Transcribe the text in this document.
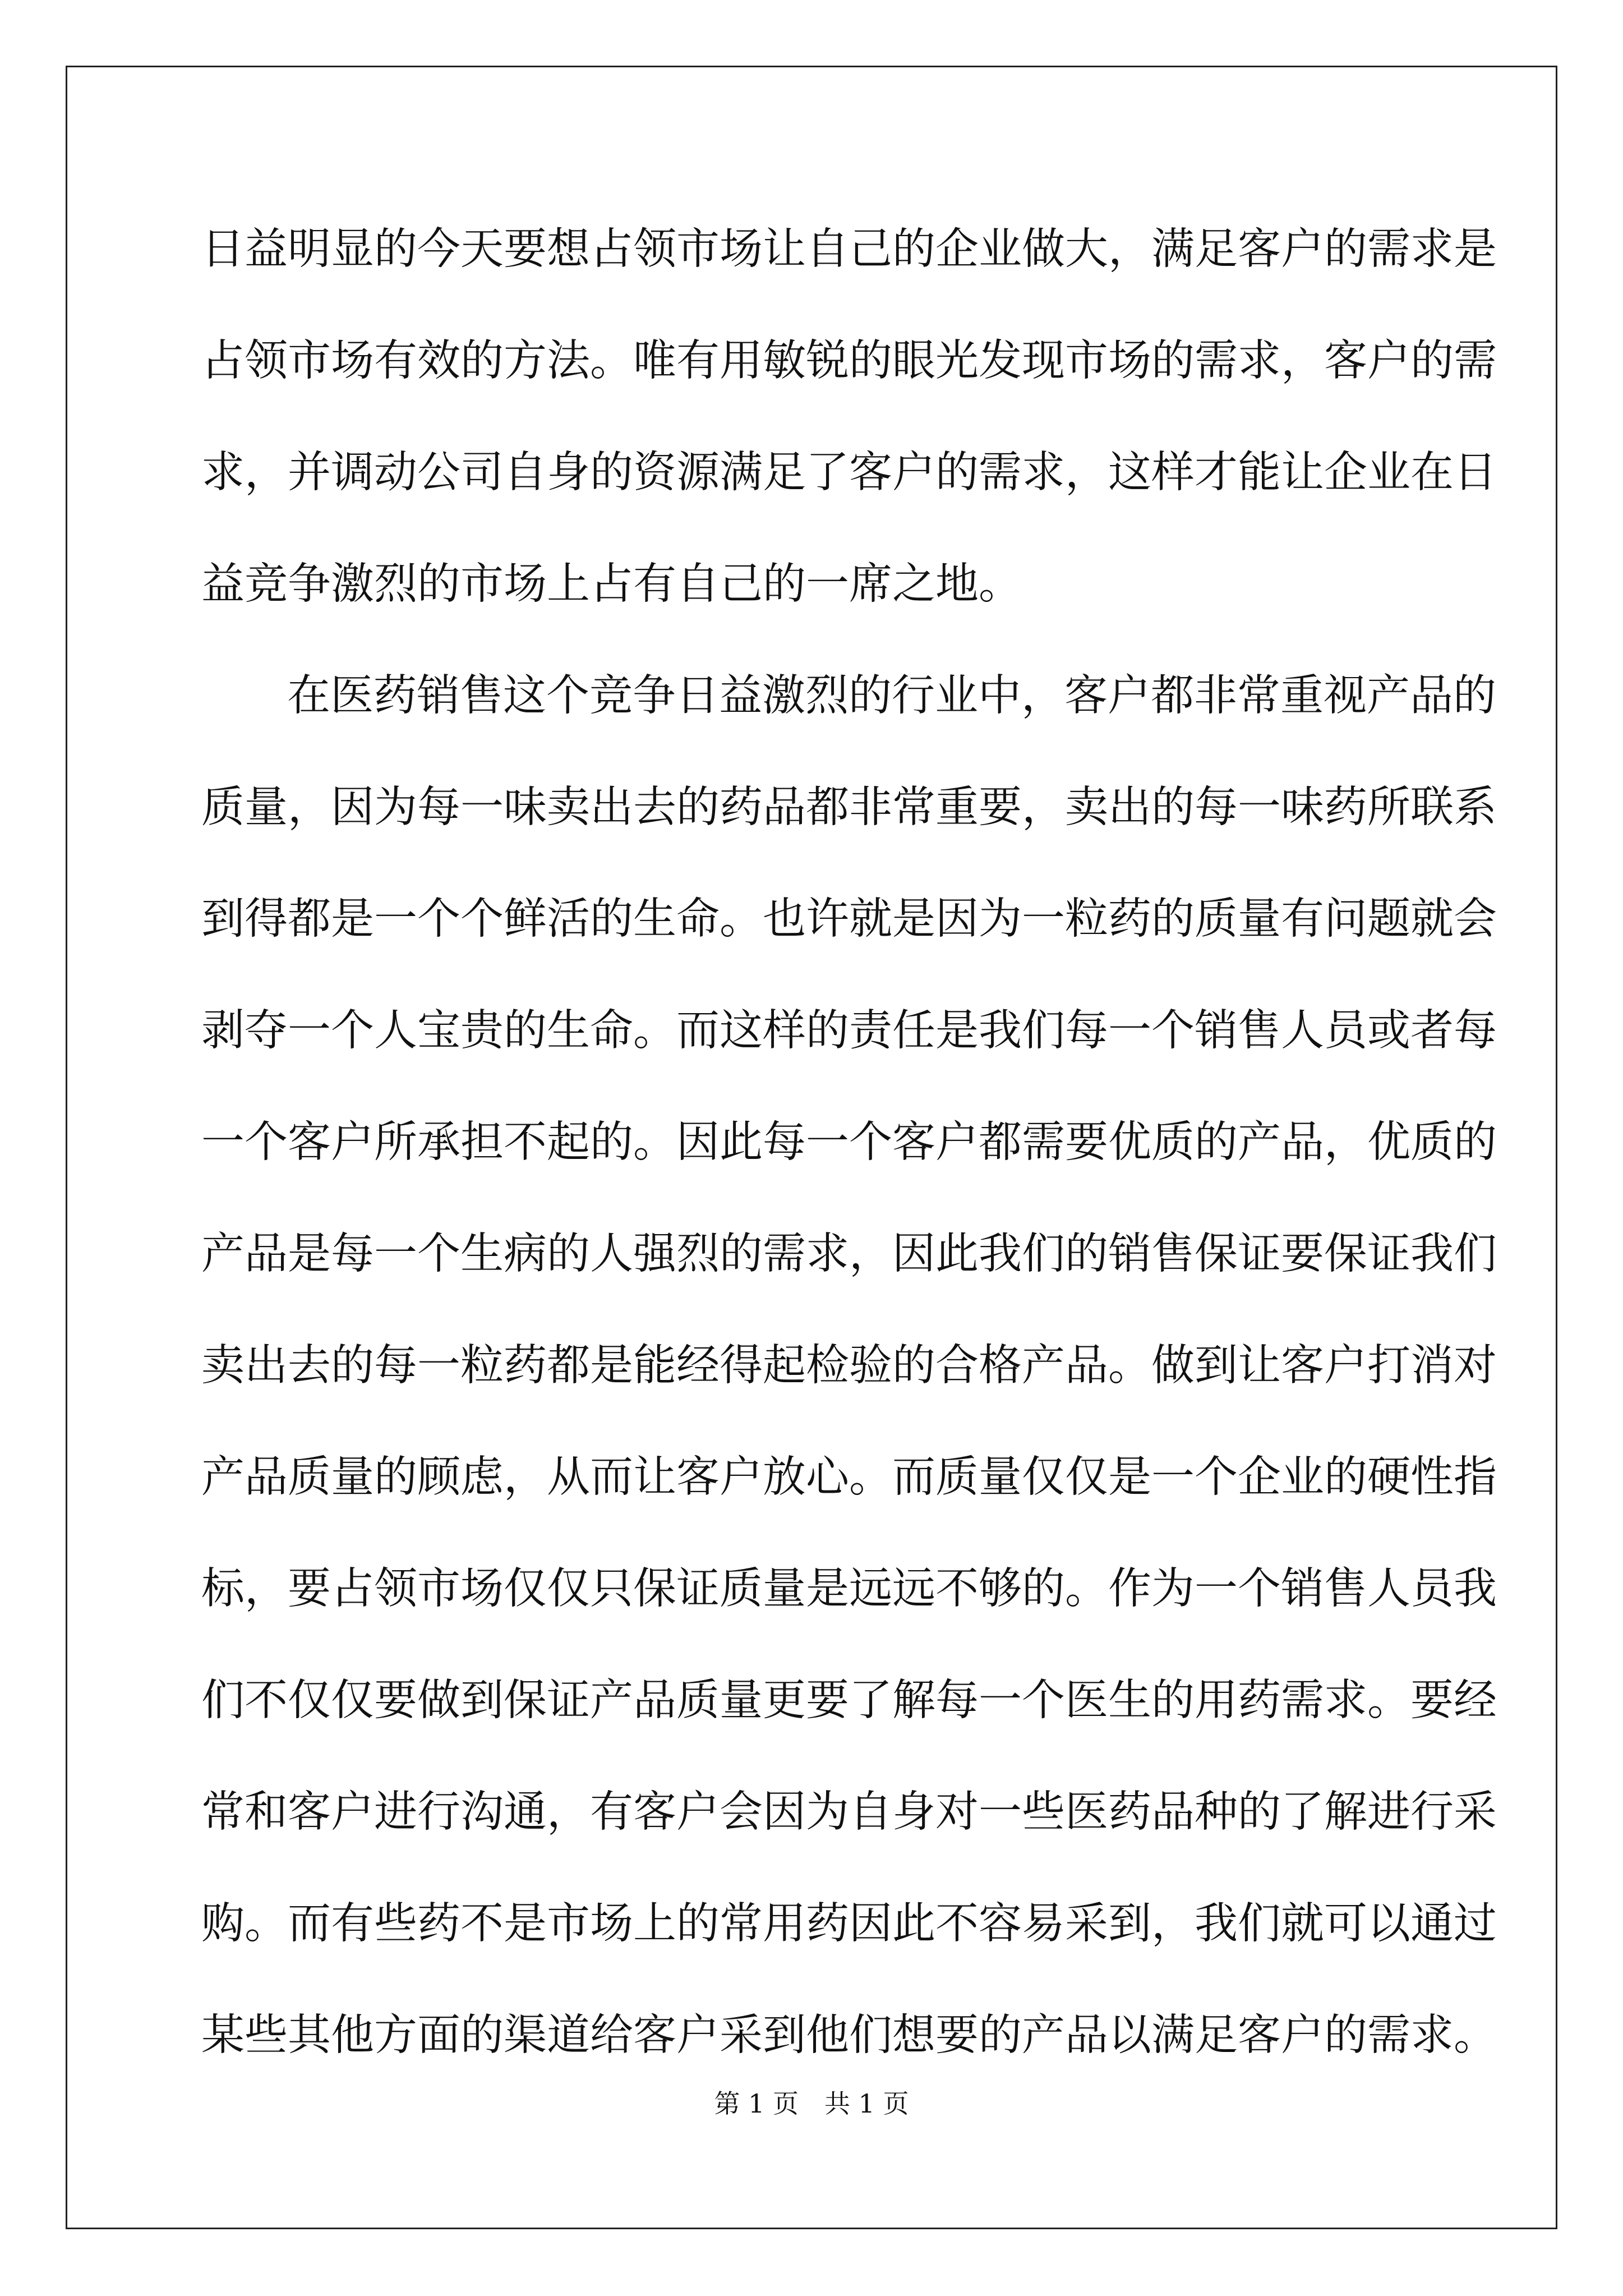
日益明显的今天要想占领市场让自己的企业做大，满足客户的需求是
占领市场有效的方法。唯有用敏锐的眼光发现市场的需求，客户的需
求，并调动公司自身的资源满足了客户的需求，这样才能让企业在日
益竞争激烈的市场上占有自己的一席之地。
在医药销售这个竞争日益激烈的行业中，客户都非常重视产品的
质量，因为每一味卖出去的药品都非常重要，卖出的每一味药所联系
到得都是一个个鲜活的生命。也许就是因为一粒药的质量有问题就会
剥夺一个人宝贵的生命。而这样的责任是我们每一个销售人员或者每
一个客户所承担不起的。因此每一个客户都需要优质的产品，优质的
产品是每一个生病的人强烈的需求，因此我们的销售保证要保证我们
卖出去的每一粒药都是能经得起检验的合格产品。做到让客户打消对
产品质量的顾虑，从而让客户放心。而质量仅仅是一个企业的硬性指
标，要占领市场仅仅只保证质量是远远不够的。作为一个销售人员我
们不仅仅要做到保证产品质量更要了解每一个医生的用药需求。要经
常和客户进行沟通，有客户会因为自身对一些医药品种的了解进行采
购。而有些药不是市场上的常用药因此不容易采到，我们就可以通过
某些其他方面的渠道给客户采到他们想要的产品以满足客户的需求。
第 1 页　共 1 页
